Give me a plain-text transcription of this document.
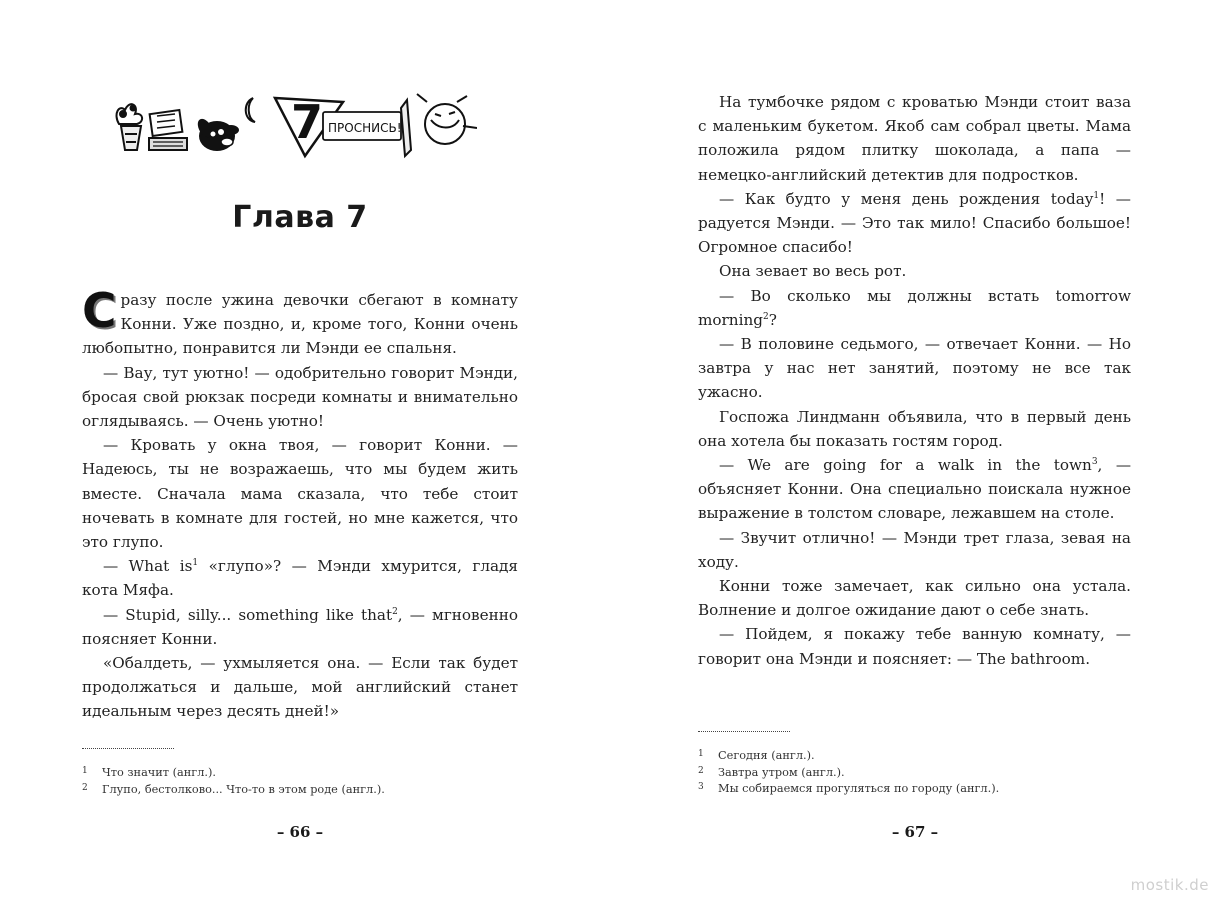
7 ПРОСНИСЬ!
Глава 7

Сразу после ужина девочки сбегают в комнату Конни. Уже поздно, и, кроме того, Конни очень любопытно, понравится ли Мэнди ее спальня.

— Вау, тут уютно! — одобрительно говорит Мэнди, бросая свой рюкзак посреди комнаты и внимательно оглядываясь. — Очень уютно!

— Кровать у окна твоя, — говорит Конни. — Надеюсь, ты не возражаешь, что мы будем жить вместе. Сначала мама сказала, что тебе стоит ночевать в комнате для гостей, но мне кажется, что это глупо.

— What $is^1$ «глупо»? — Мэнди хмурится, гладя кота Мяфа.

— Stupid, silly... something like that$^2$, — мгновенно поясняет Конни.

«Обалдеть, — ухмыляется она. — Если так будет продолжаться и дальше, мой английский станет идеальным через десять дней!»

1	Что значит (англ.).
2	Глупо, бестолково... Что-то в этом роде (англ.).
– 66 –

На тумбочке рядом с кроватью Мэнди стоит ваза с маленьким букетом. Якоб сам собрал цветы. Мама положила рядом плитку шоколада, а папа — немецко-английский детектив для подростков.

— Как будто у меня день рождения today$^1$! — радуется Мэнди. — Это так мило! Спасибо большое! Огромное спасибо!

Она зевает во весь рот.

— Во сколько мы должны встать tomorrow morning$^2$?

— В половине седьмого, — отвечает Конни. — Но завтра у нас нет занятий, поэтому не все так ужасно.

Госпожа Линдманн объявила, что в первый день она хотела бы показать гостям город.

— We are going for a walk in the town$^3$, — объясняет Конни. Она специально поискала нужное выражение в толстом словаре, лежавшем на столе.

— Звучит отлично! — Мэнди трет глаза, зевая на ходу.

Конни тоже замечает, как сильно она устала. Волнение и долгое ожидание дают о себе знать.

— Пойдем, я покажу тебе ванную комнату, — говорит она Мэнди и поясняет: — The bathroom.

1	Сегодня (англ.).
2	Завтра утром (англ.).
3	Мы собираемся прогуляться по городу (англ.).
– 67 –
mostik.de
